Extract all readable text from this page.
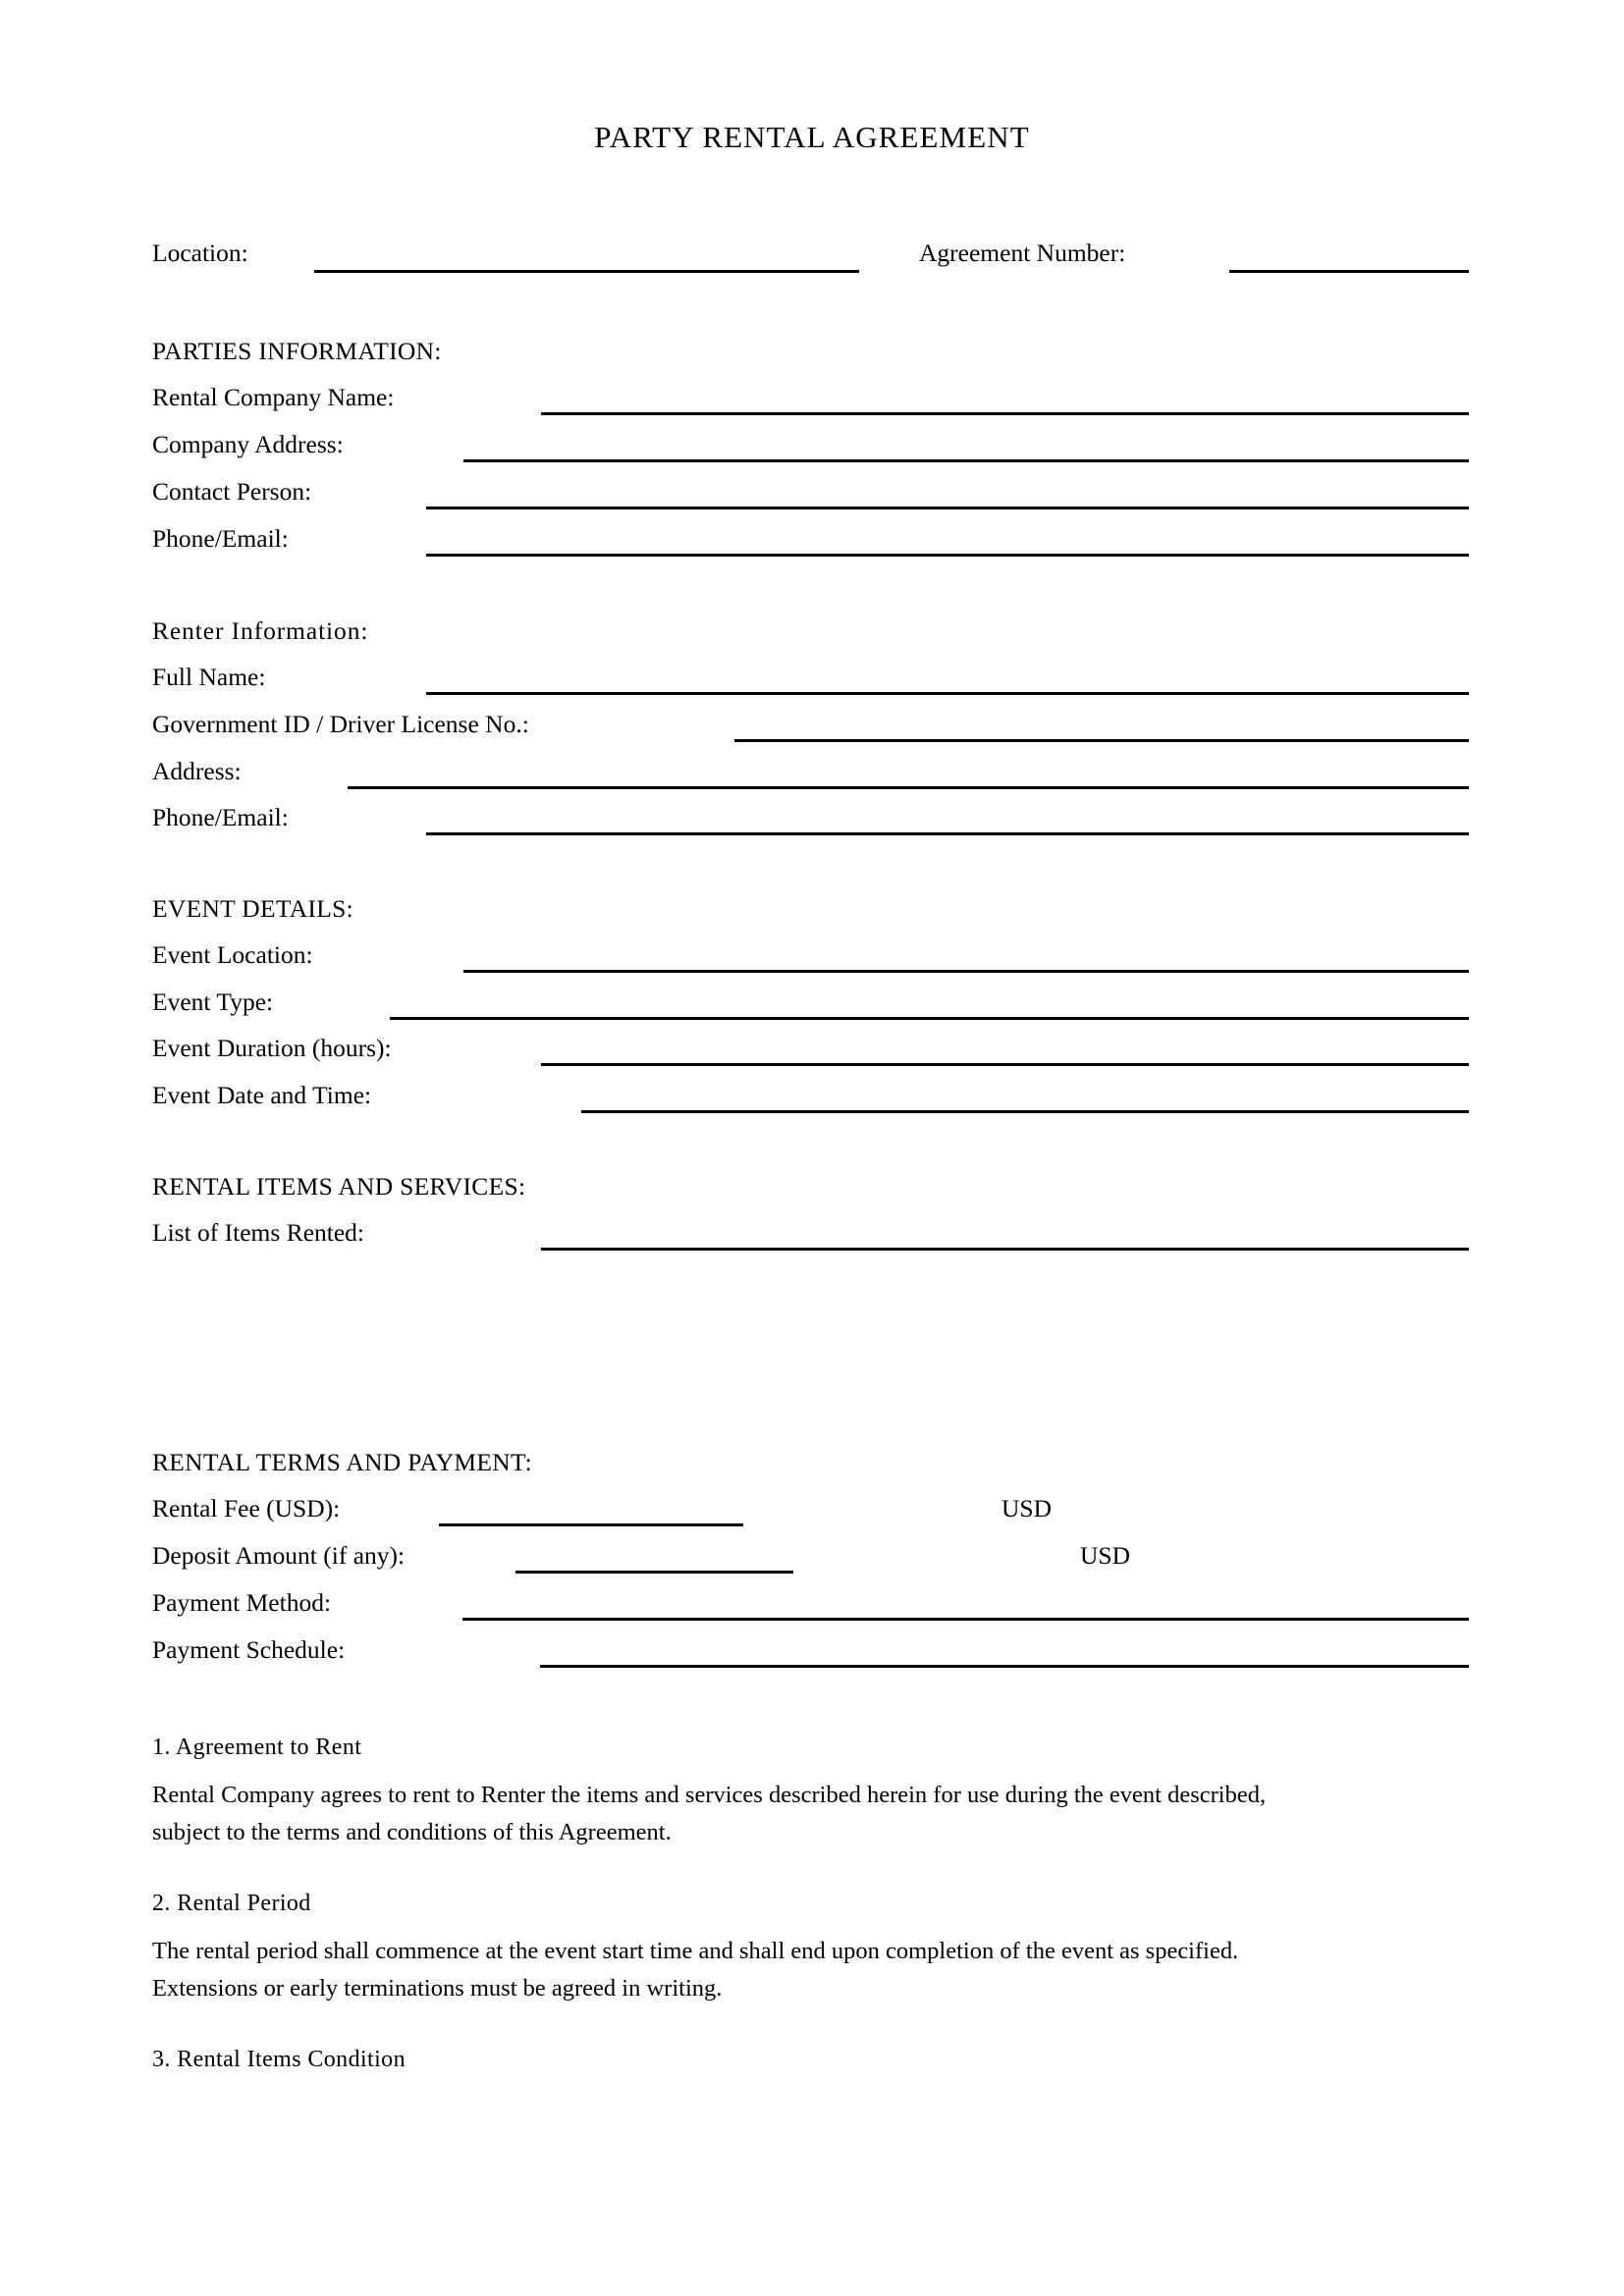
PARTY RENTAL AGREEMENT
Location:	Agreement Number:
PARTIES INFORMATION:
Rental Company Name:
Company Address:
Contact Person:
Phone/Email:
Renter Information:
Full Name:
Government ID / Driver License No.:
Address:
Phone/Email:
EVENT DETAILS:
Event Location:
Event Type:
Event Duration (hours):
Event Date and Time:
RENTAL ITEMS AND SERVICES:
List of Items Rented:
RENTAL TERMS AND PAYMENT:
Rental Fee (USD):	USD
Deposit Amount (if any):	USD
Payment Method:
Payment Schedule:
1. Agreement to Rent
Rental Company agrees to rent to Renter the items and services described herein for use during the event described,
subject to the terms and conditions of this Agreement.
2. Rental Period
The rental period shall commence at the event start time and shall end upon completion of the event as specified.
Extensions or early terminations must be agreed in writing.
3. Rental Items Condition
